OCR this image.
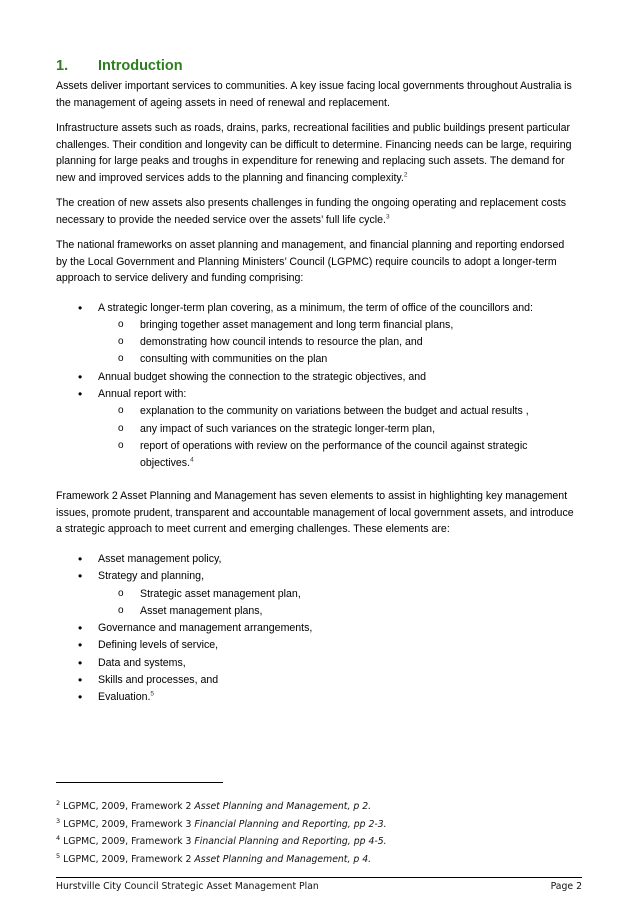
1. Introduction

Assets deliver important services to communities. A key issue facing local governments throughout Australia is the management of ageing assets in need of renewal and replacement.

Infrastructure assets such as roads, drains, parks, recreational facilities and public buildings present particular challenges. Their condition and longevity can be difficult to determine. Financing needs can be large, requiring planning for large peaks and troughs in expenditure for renewing and replacing such assets. The demand for new and improved services adds to the planning and financing complexity.$^2$

The creation of new assets also presents challenges in funding the ongoing operating and replacement costs necessary to provide the needed service over the assets’ full life cycle.$^3$

The national frameworks on asset planning and management, and financial planning and reporting endorsed by the Local Government and Planning Ministers’ Council (LGPMC) require councils to adopt a longer-term approach to service delivery and funding comprising:

• A strategic longer-term plan covering, as a minimum, the term of office of the councillors and:
o bringing together asset management and long term financial plans,
o demonstrating how council intends to resource the plan, and
o consulting with communities on the plan
• Annual budget showing the connection to the strategic objectives, and
• Annual report with:
o explanation to the community on variations between the budget and actual results ,
o any impact of such variances on the strategic longer-term plan,
o report of operations with review on the performance of the council against strategic objectives.$^4$

Framework 2 Asset Planning and Management has seven elements to assist in highlighting key management issues, promote prudent, transparent and accountable management of local government assets, and introduce a strategic approach to meet current and emerging challenges. These elements are:

• Asset management policy,
• Strategy and planning,
o Strategic asset management plan,
o Asset management plans,
• Governance and management arrangements,
• Defining levels of service,
• Data and systems,
• Skills and processes, and
• Evaluation.$^5$
$^2$ LGPMC, 2009, Framework 2 Asset Planning and Management, p 2.
$^3$ LGPMC, 2009, Framework 3 Financial Planning and Reporting, pp 2-3.
$^4$ LGPMC, 2009, Framework 3 Financial Planning and Reporting, pp 4-5.
$^5$ LGPMC, 2009, Framework 2 Asset Planning and Management, p 4.
Hurstville City Council Strategic Asset Management Plan	Page 2
